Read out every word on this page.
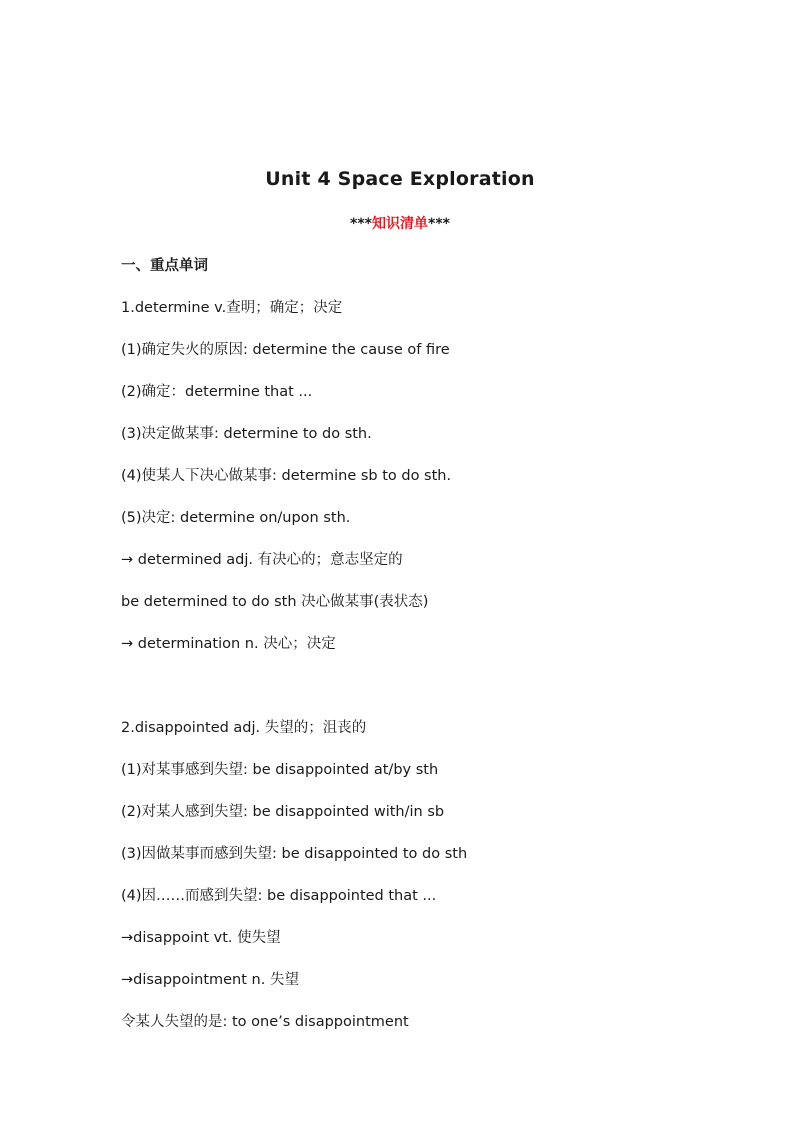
Unit 4 Space Exploration
***知识清单***
一、重点单词
1.determine v.查明；确定；决定
(1)确定失火的原因: determine the cause of fire
(2)确定：determine that ...
(3)决定做某事: determine to do sth.
(4)使某人下决心做某事: determine sb to do sth.
(5)决定: determine on/upon sth.
→ determined adj. 有决心的；意志坚定的
be determined to do sth 决心做某事(表状态)
→ determination n. 决心；决定
2.disappointed adj. 失望的；沮丧的
(1)对某事感到失望: be disappointed at/by sth
(2)对某人感到失望: be disappointed with/in sb
(3)因做某事而感到失望: be disappointed to do sth
(4)因……而感到失望: be disappointed that ...
→disappoint vt. 使失望
→disappointment n. 失望
令某人失望的是: to one’s disappointment
